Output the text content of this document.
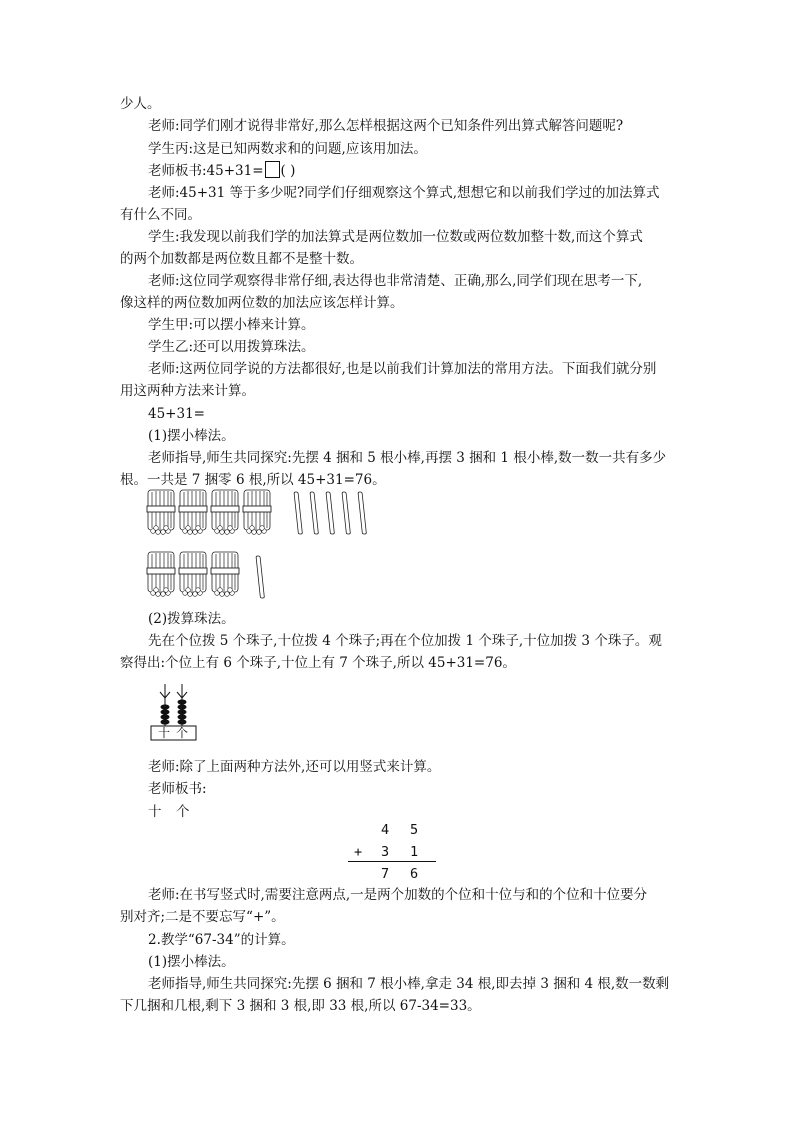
少人。
老师:同学们刚才说得非常好,那么怎样根据这两个已知条件列出算式解答问题呢?
学生丙:这是已知两数求和的问题,应该用加法。
老师板书:45+31= ( )
老师:45+31 等于多少呢?同学们仔细观察这个算式,想想它和以前我们学过的加法算式
有什么不同。
学生:我发现以前我们学的加法算式是两位数加一位数或两位数加整十数,而这个算式
的两个加数都是两位数且都不是整十数。
老师:这位同学观察得非常仔细,表达得也非常清楚、正确,那么,同学们现在思考一下,
像这样的两位数加两位数的加法应该怎样计算。
学生甲:可以摆小棒来计算。
学生乙:还可以用拨算珠法。
老师:这两位同学说的方法都很好,也是以前我们计算加法的常用方法。下面我们就分别
用这两种方法来计算。
45+31=
(1)摆小棒法。
老师指导,师生共同探究:先摆 4 捆和 5 根小棒,再摆 3 捆和 1 根小棒,数一数一共有多少
根。一共是 7 捆零 6 根,所以 45+31=76。
(2)拨算珠法。
先在个位拨 5 个珠子,十位拨 4 个珠子;再在个位加拨 1 个珠子,十位加拨 3 个珠子。观
察得出:个位上有 6 个珠子,十位上有 7 个珠子,所以 45+31=76。
十 个
老师:除了上面两种方法外,还可以用竖式来计算。
老师板书:
十 个
4 5
+ 3 1
7 6
老师:在书写竖式时,需要注意两点,一是两个加数的个位和十位与和的个位和十位要分
别对齐;二是不要忘写“+”。
2.教学“67-34”的计算。
(1)摆小棒法。
老师指导,师生共同探究:先摆 6 捆和 7 根小棒,拿走 34 根,即去掉 3 捆和 4 根,数一数剩
下几捆和几根,剩下 3 捆和 3 根,即 33 根,所以 67-34=33。
